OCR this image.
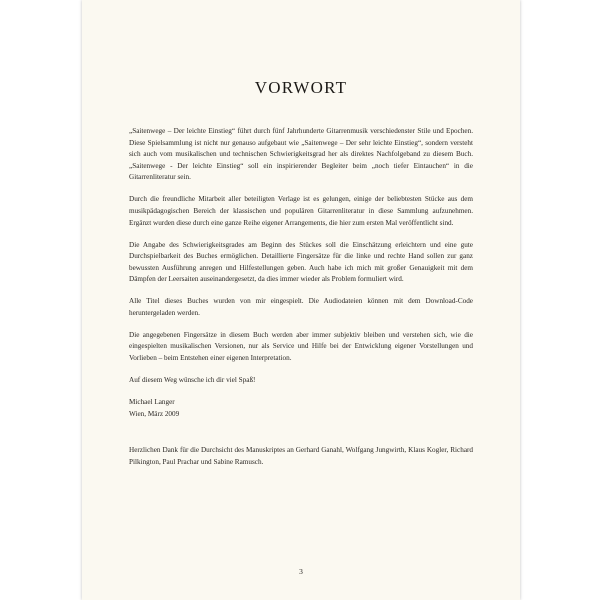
VORWORT

„Saitenwege – Der leichte Einstieg“ führt durch fünf Jahrhunderte Gitarrenmusik verschiedenster Stile und Epochen. Diese Spielsammlung ist nicht nur genauso aufgebaut wie „Saitenwege – Der sehr leichte Einstieg“, sondern versteht sich auch vom musikalischen und technischen Schwierigkeitsgrad her als direktes Nachfolgeband zu diesem Buch. „Saitenwege - Der leichte Einstieg“ soll ein inspirierender Begleiter beim „noch tiefer Eintauchen“ in die Gitarrenliteratur sein.

Durch die freundliche Mitarbeit aller beteiligten Verlage ist es gelungen, einige der beliebtesten Stücke aus dem musikpädagogischen Bereich der klassischen und populären Gitarrenliteratur in diese Sammlung aufzunehmen. Ergänzt wurden diese durch eine ganze Reihe eigener Arrangements, die hier zum ersten Mal veröffentlicht sind.

Die Angabe des Schwierigkeitsgrades am Beginn des Stückes soll die Einschätzung erleichtern und eine gute Durchspielbarkeit des Buches ermöglichen. Detaillierte Fingersätze für die linke und rechte Hand sollen zur ganz bewussten Ausführung anregen und Hilfestellungen geben. Auch habe ich mich mit großer Genauigkeit mit dem Dämpfen der Leersaiten auseinandergesetzt, da dies immer wieder als Problem formuliert wird.

Alle Titel dieses Buches wurden von mir eingespielt. Die Audiodateien können mit dem Download-Code heruntergeladen werden.

Die angegebenen Fingersätze in diesem Buch werden aber immer subjektiv bleiben und verstehen sich, wie die eingespielten musikalischen Versionen, nur als Service und Hilfe bei der Entwicklung eigener Vorstellungen und Vorlieben – beim Entstehen einer eigenen Interpretation.

Auf diesem Weg wünsche ich dir viel Spaß!

Michael Langer
Wien, März 2009

Herzlichen Dank für die Durchsicht des Manuskriptes an Gerhard Ganahl, Wolfgang Jungwirth, Klaus Kogler, Richard Pilkington, Paul Prachar und Sabine Ramusch.

3
